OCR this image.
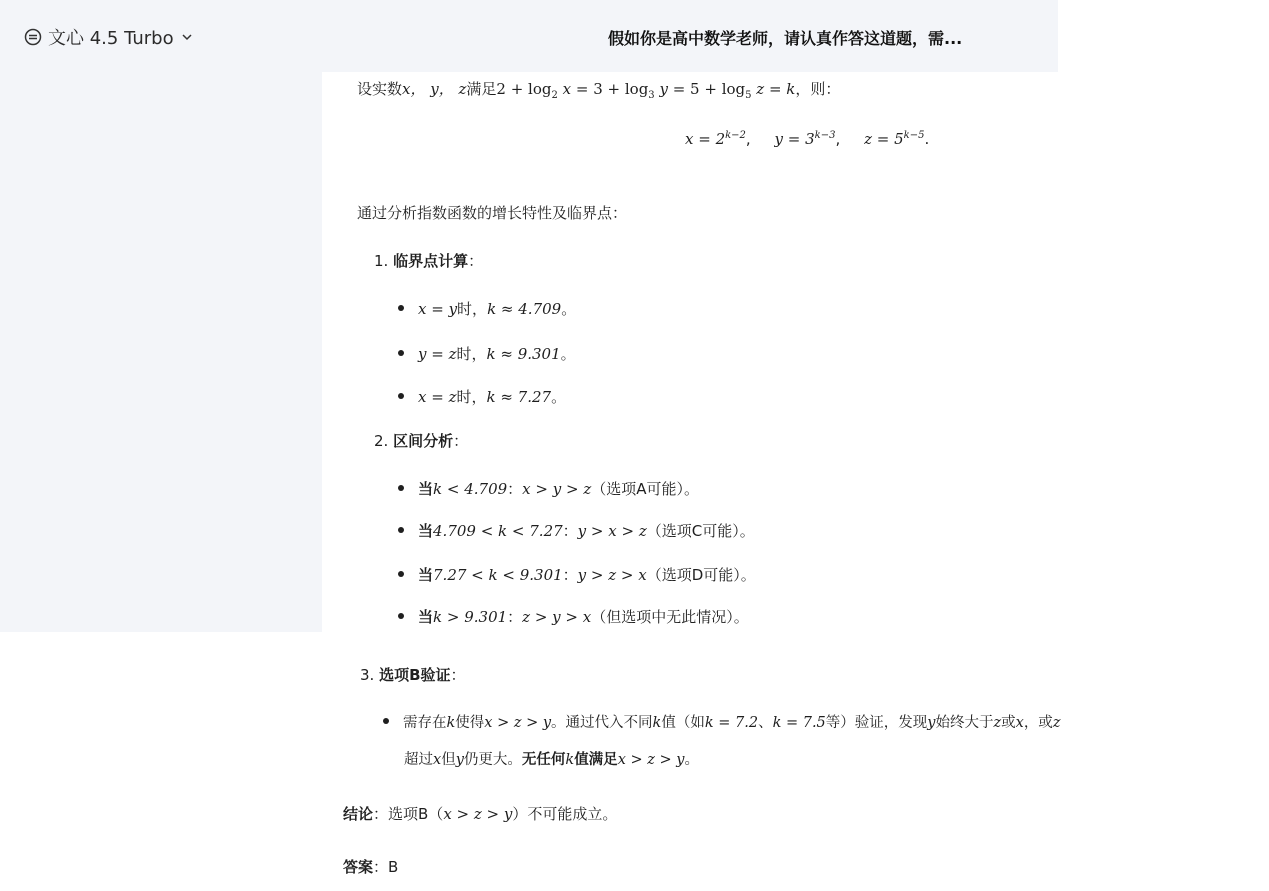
文心 4.5 Turbo	假如你是高中数学老师，请认真作答这道题，需...
设实数x， y， z满足$2 + \log_2 x = 3 + \log_3 y = 5 + \log_5 z = k$，则：
$x = 2^{k-2}$,     $y = 3^{k-3}$,     $z = 5^{k-5}$.
通过分析指数函数的增长特性及临界点：
1. 临界点计算：
x = y时，k ≈ 4.709。
y = z时，k ≈ 9.301。
x = z时，k ≈ 7.27。
2. 区间分析：
当k < 4.709：x > y > z（选项A可能）。
当4.709 < k < 7.27：y > x > z（选项C可能）。
当7.27 < k < 9.301：y > z > x（选项D可能）。
当k > 9.301：z > y > x（但选项中无此情况）。
3. 选项B验证：
需存在k使得x > z > y。通过代入不同k值（如k = 7.2、k = 7.5等）验证，发现y始终大于z或x，或z
超过x但y仍更大。无任何k值满足x > z > y。
结论：选项B（x > z > y）不可能成立。
答案：B
